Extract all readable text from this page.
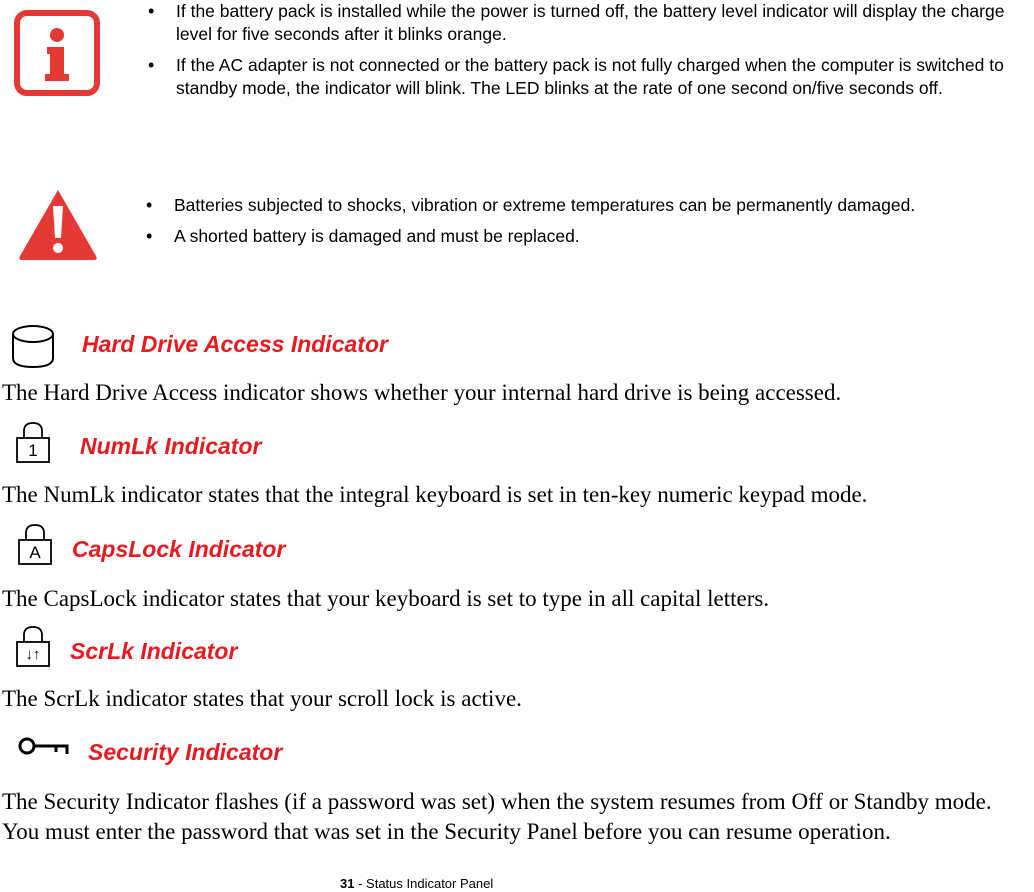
• If the battery pack is installed while the power is turned off, the battery level indicator will display the charge level for five seconds after it blinks orange.
• If the AC adapter is not connected or the battery pack is not fully charged when the computer is switched to standby mode, the indicator will blink. The LED blinks at the rate of one second on/five seconds off.
• Batteries subjected to shocks, vibration or extreme temperatures can be permanently damaged.
• A shorted battery is damaged and must be replaced.
Hard Drive Access Indicator
The Hard Drive Access indicator shows whether your internal hard drive is being accessed.
1	NumLk Indicator
The NumLk indicator states that the integral keyboard is set in ten-key numeric keypad mode.
A	CapsLock Indicator
The CapsLock indicator states that your keyboard is set to type in all capital letters.
↓↑	ScrLk Indicator
The ScrLk indicator states that your scroll lock is active.
Security Indicator
The Security Indicator flashes (if a password was set) when the system resumes from Off or Standby mode. You must enter the password that was set in the Security Panel before you can resume operation.
31 - Status Indicator Panel
